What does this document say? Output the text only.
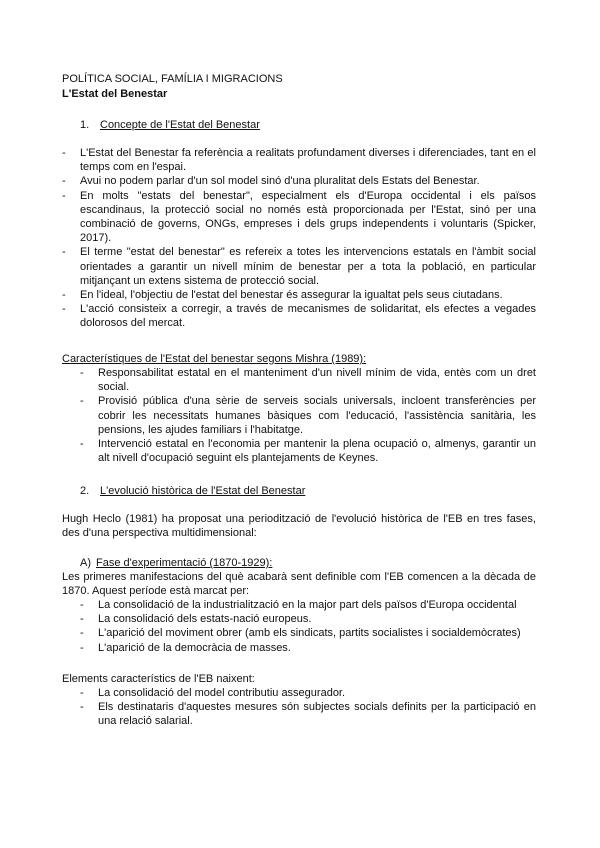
POLÍTICA SOCIAL, FAMÍLIA I MIGRACIONS
L'Estat del Benestar
1. Concepte de l'Estat del Benestar
- L'Estat del Benestar fa referència a realitats profundament diverses i diferenciades, tant en el temps com en l'espai.
- Avui no podem parlar d'un sol model sinó d'una pluralitat dels Estats del Benestar.
- En molts "estats del benestar", especialment els d'Europa occidental i els països escandinaus, la protecció social no només està proporcionada per l'Estat, sinó per una combinació de governs, ONGs, empreses i dels grups independents i voluntaris (Spicker, 2017).
- El terme "estat del benestar" es refereix a totes les intervencions estatals en l'àmbit social orientades a garantir un nivell mínim de benestar per a tota la població, en particular mitjançant un extens sistema de protecció social.
- En l'ideal, l'objectiu de l'estat del benestar és assegurar la igualtat pels seus ciutadans.
- L'acció consisteix a corregir, a través de mecanismes de solidaritat, els efectes a vegades dolorosos del mercat.
Característiques de l'Estat del benestar segons Mishra (1989):
- Responsabilitat estatal en el manteniment d'un nivell mínim de vida, entès com un dret social.
- Provisió pública d'una sèrie de serveis socials universals, incloent transferències per cobrir les necessitats humanes bàsiques com l'educació, l'assistència sanitària, les pensions, les ajudes familiars i l'habitatge.
- Intervenció estatal en l'economia per mantenir la plena ocupació o, almenys, garantir un alt nivell d'ocupació seguint els plantejaments de Keynes.
2. L'evolució històrica de l'Estat del Benestar

Hugh Heclo (1981) ha proposat una periodització de l'evolució històrica de l'EB en tres fases, des d'una perspectiva multidimensional:

A) Fase d'experimentació (1870-1929):

Les primeres manifestacions del què acabarà sent definible com l'EB comencen a la dècada de 1870. Aquest període està marcat per:

- La consolidació de la industrialització en la major part dels països d'Europa occidental
- La consolidació dels estats-nació europeus.
- L'aparició del moviment obrer (amb els sindicats, partits socialistes i socialdemòcrates)
- L'aparició de la democràcia de masses.
Elements característics de l'EB naixent:
- La consolidació del model contributiu assegurador.
- Els destinataris d'aquestes mesures són subjectes socials definits per la participació en una relació salarial.
